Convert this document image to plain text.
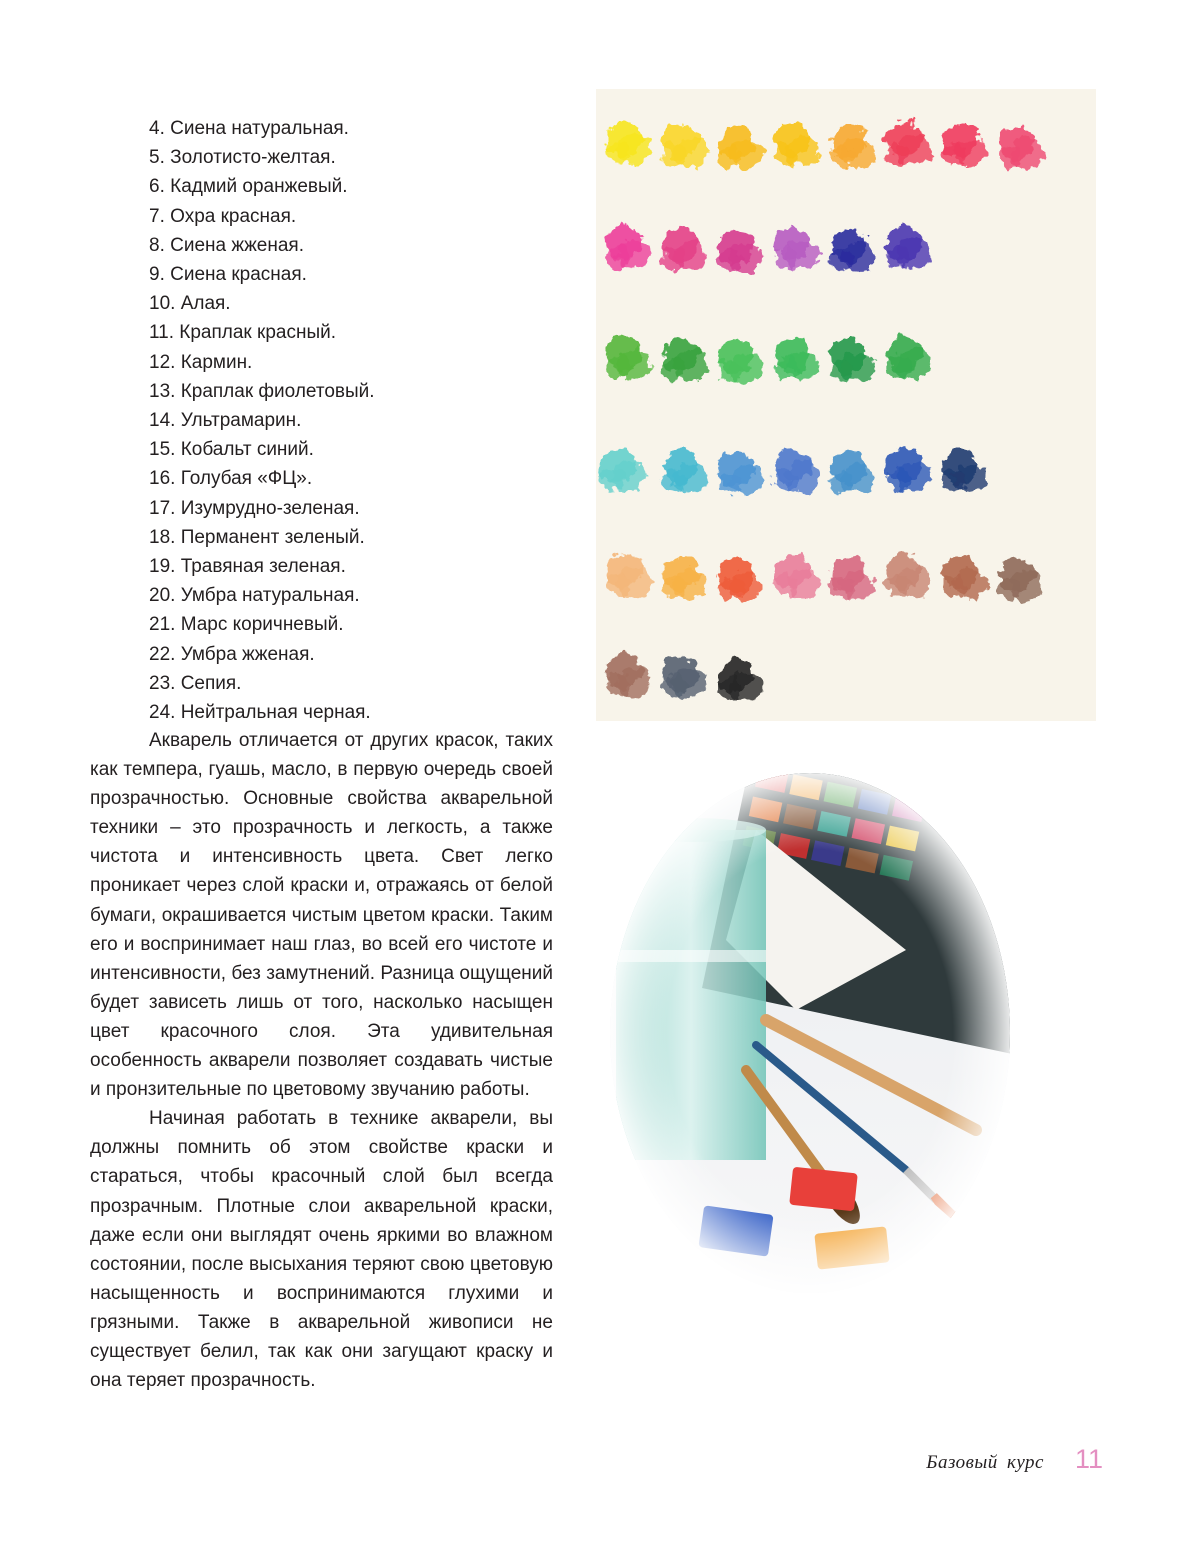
4. Сиена натуральная.
5. Золотисто-желтая.
6. Кадмий оранжевый.
7. Охра красная.
8. Сиена жженая.
9. Сиена красная.
10. Алая.
11. Краплак красный.
12. Кармин.
13. Краплак фиолетовый.
14. Ультрамарин.
15. Кобальт синий.
16. Голубая «ФЦ».
17. Изумрудно-зеленая.
18. Перманент зеленый.
19. Травяная зеленая.
20. Умбра натуральная.
21. Марс коричневый.
22. Умбра жженая.
23. Сепия.
24. Нейтральная черная.

Акварель отличается от других красок, таких как темпера, гуашь, масло, в первую очередь своей прозрачностью. Основные свойства акварельной техники – это прозрачность и легкость, а также чистота и интенсивность цвета. Свет легко проникает через слой краски и, отражаясь от белой бумаги, окрашивается чистым цветом краски. Таким его и воспринимает наш глаз, во всей его чистоте и интенсивности, без замутнений. Разница ощущений будет зависеть лишь от того, насколько насыщен цвет красочного слоя. Эта удивительная особенность акварели позволяет создавать чистые и пронзительные по цветовому звучанию работы.

Начиная работать в технике акварели, вы должны помнить об этом свойстве краски и стараться, чтобы красочный слой был всегда прозрачным. Плотные слои акварельной краски, даже если они выглядят очень яркими во влажном состоянии, после высыхания теряют свою цветовую насыщенность и воспринимаются глухими и грязными. Также в акварельной живописи не существует белил, так как они загущают краску и она теряет прозрачность.

Базовый курс 11
